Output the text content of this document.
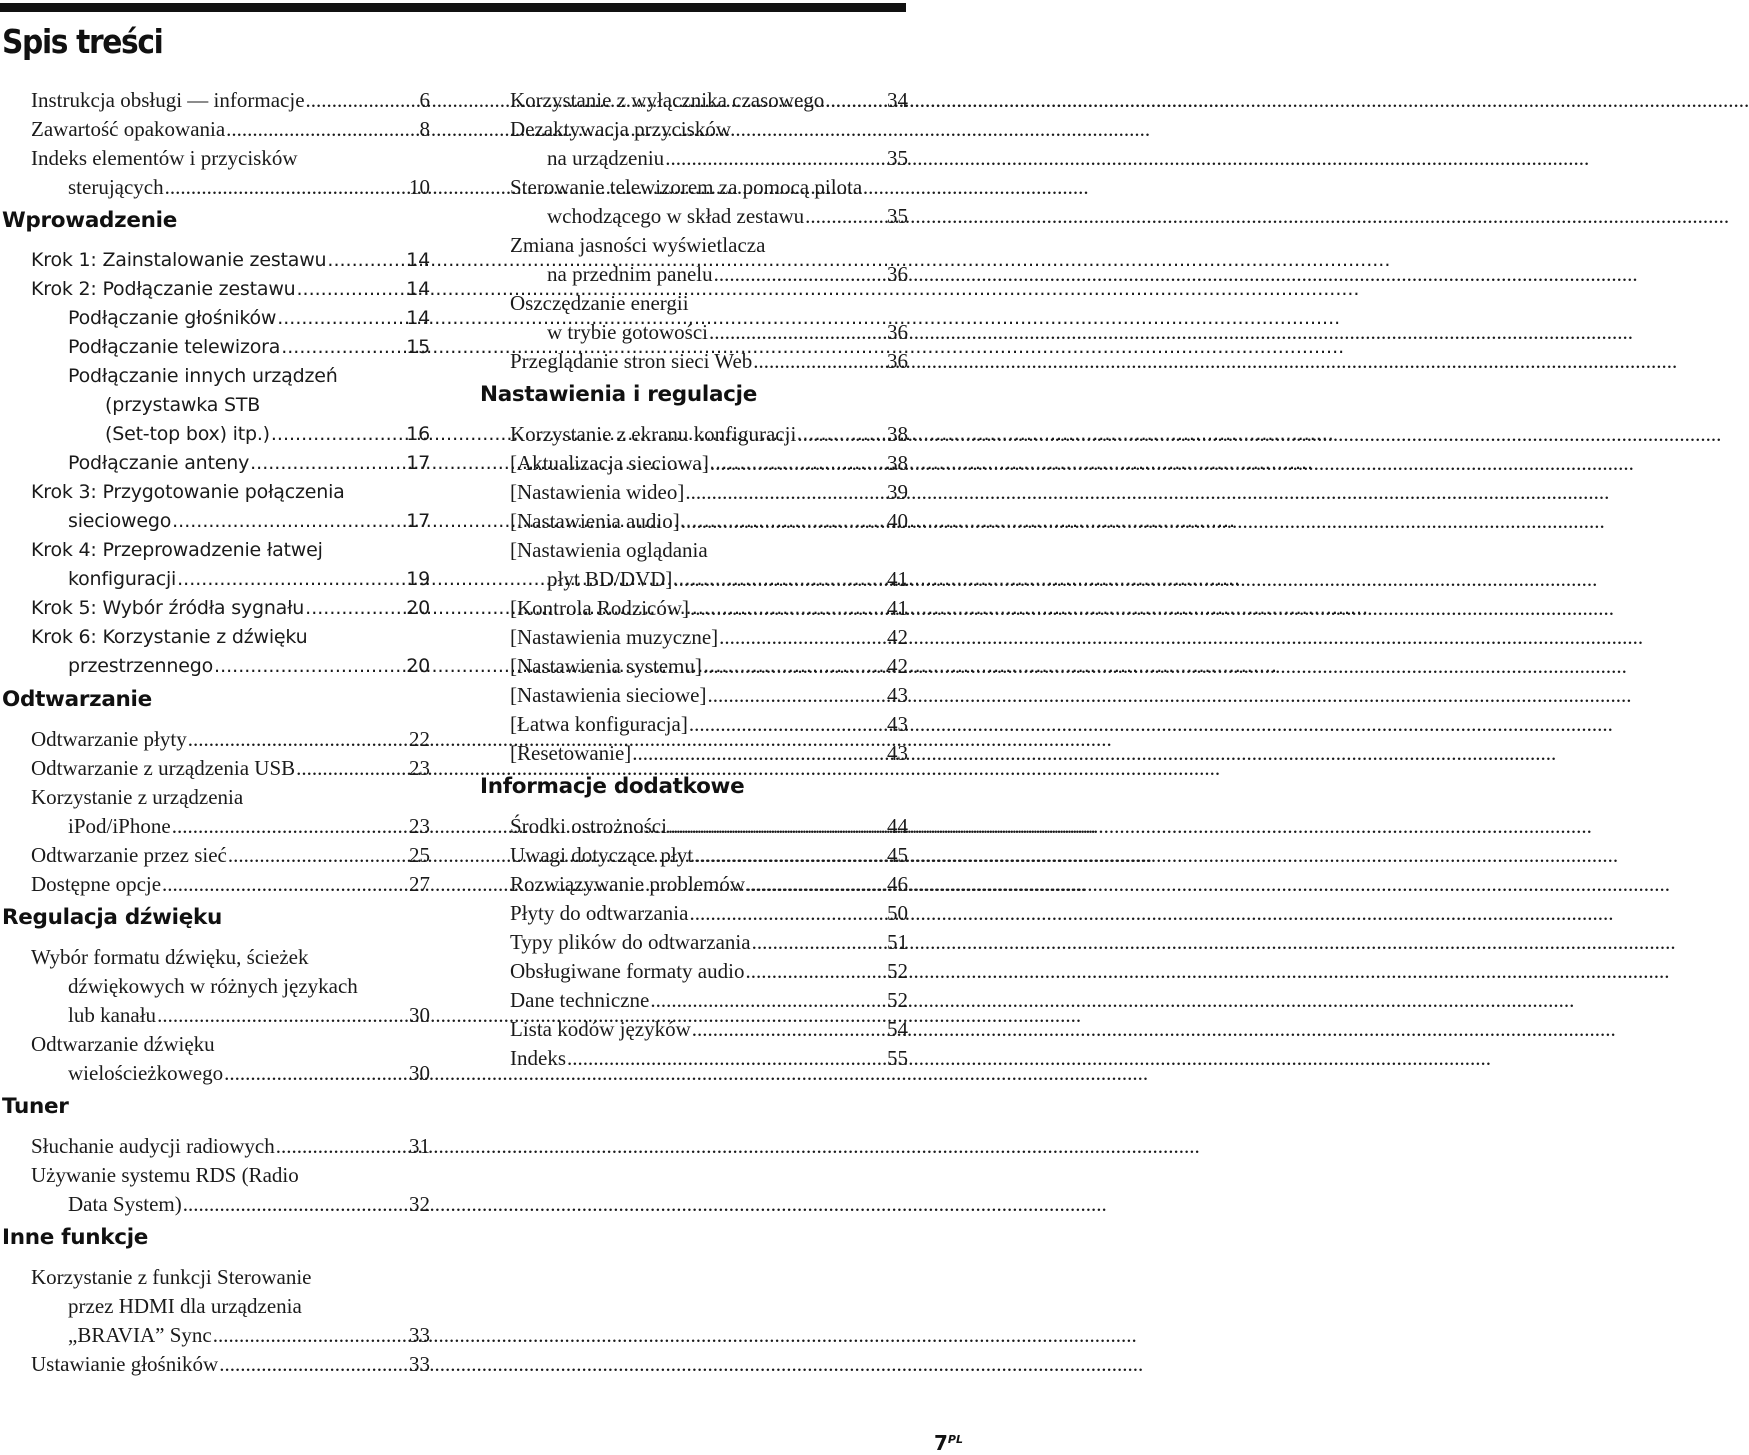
Spis treści
Instrukcja obsługi — informacje .....	6
Zawartość opakowania .....	8
Indeks elementów i przycisków
sterujących .....	10
Wprowadzenie
Krok 1: Zainstalowanie zestawu .....	14
Krok 2: Podłączanie zestawu .....	14
Podłączanie głośników .....	14
Podłączanie telewizora .....	15
Podłączanie innych urządzeń
(przystawka STB
(Set-top box) itp.) .....	16
Podłączanie anteny .....	17
Krok 3: Przygotowanie połączenia
sieciowego .....	17
Krok 4: Przeprowadzenie łatwej
konfiguracji .....	19
Krok 5: Wybór źródła sygnału .....	20
Krok 6: Korzystanie z dźwięku
przestrzennego .....	20
Odtwarzanie
Odtwarzanie płyty .....	22
Odtwarzanie z urządzenia USB .....	23
Korzystanie z urządzenia
iPod/iPhone .....	23
Odtwarzanie przez sieć .....	25
Dostępne opcje .....	27
Regulacja dźwięku
Wybór formatu dźwięku, ścieżek
dźwiękowych w różnych językach
lub kanału .....	30
Odtwarzanie dźwięku
wielościeżkowego .....	30
Tuner
Słuchanie audycji radiowych .....	31
Używanie systemu RDS (Radio
Data System) .....	32
Inne funkcje
Korzystanie z funkcji Sterowanie
przez HDMI dla urządzenia
„BRAVIA” Sync .....	33
Ustawianie głośników .....	33
Korzystanie z wyłącznika czasowego .....	34
Dezaktywacja przycisków
na urządzeniu .....	35
Sterowanie telewizorem za pomocą pilota
wchodzącego w skład zestawu .....	35
Zmiana jasności wyświetlacza
na przednim panelu .....	36
Oszczędzanie energii
w trybie gotowości .....	36
Przeglądanie stron sieci Web .....	36
Nastawienia i regulacje
Korzystanie z ekranu konfiguracji .....	38
[Aktualizacja sieciowa] .....	38
[Nastawienia wideo] .....	39
[Nastawienia audio] .....	40
[Nastawienia oglądania
płyt BD/DVD] .....	41
[Kontrola Rodziców] .....	41
[Nastawienia muzyczne] .....	42
[Nastawienia systemu] .....	42
[Nastawienia sieciowe] .....	43
[Łatwa konfiguracja] .....	43
[Resetowanie] .....	43
Informacje dodatkowe
Środki ostrożności .....	44
Uwagi dotyczące płyt .....	45
Rozwiązywanie problemów .....	46
Płyty do odtwarzania .....	50
Typy plików do odtwarzania .....	51
Obsługiwane formaty audio .....	52
Dane techniczne .....	52
Lista kodów języków .....	54
Indeks .....	55
$7^{PL}$
